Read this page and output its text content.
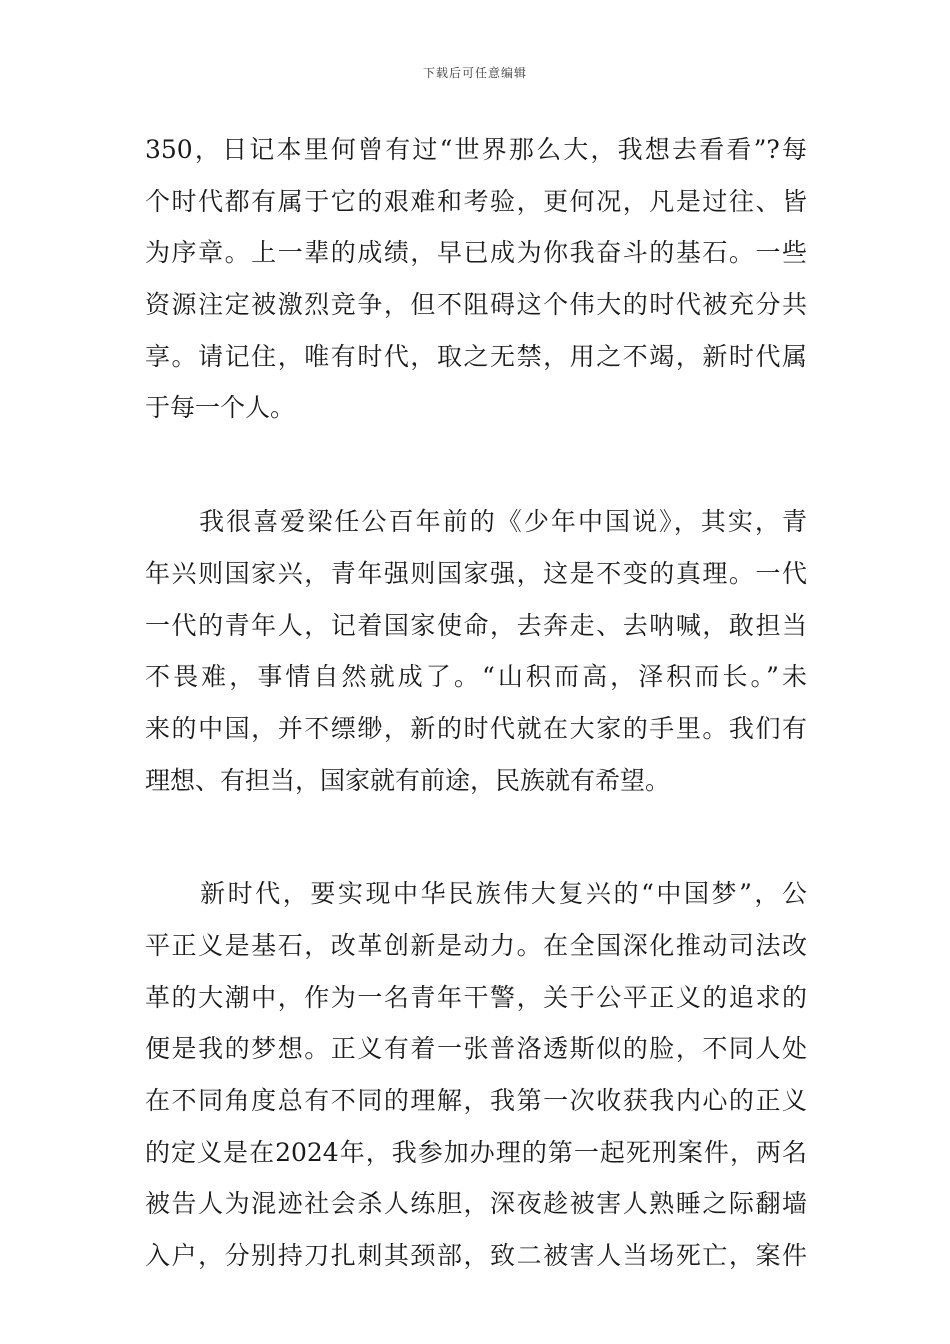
下载后可任意编辑
350，日记本里何曾有过“世界那么大，我想去看看”?每
个时代都有属于它的艰难和考验，更何况，凡是过往、皆
为序章。上一辈的成绩，早已成为你我奋斗的基石。一些
资源注定被激烈竞争，但不阻碍这个伟大的时代被充分共
享。请记住，唯有时代，取之无禁，用之不竭，新时代属
于每一个人。
　　我很喜爱梁任公百年前的《少年中国说》，其实，青
年兴则国家兴，青年强则国家强，这是不变的真理。一代
一代的青年人，记着国家使命，去奔走、去呐喊，敢担当
不畏难，事情自然就成了。“山积而高，泽积而长。”未
来的中国，并不缥缈，新的时代就在大家的手里。我们有
理想、有担当，国家就有前途，民族就有希望。
　　新时代，要实现中华民族伟大复兴的“中国梦”，公
平正义是基石，改革创新是动力。在全国深化推动司法改
革的大潮中，作为一名青年干警，关于公平正义的追求的
便是我的梦想。正义有着一张普洛透斯似的脸，不同人处
在不同角度总有不同的理解，我第一次收获我内心的正义
的定义是在2024年，我参加办理的第一起死刑案件，两名
被告人为混迹社会杀人练胆，深夜趁被害人熟睡之际翻墙
入户，分别持刀扎刺其颈部，致二被害人当场死亡，案件
